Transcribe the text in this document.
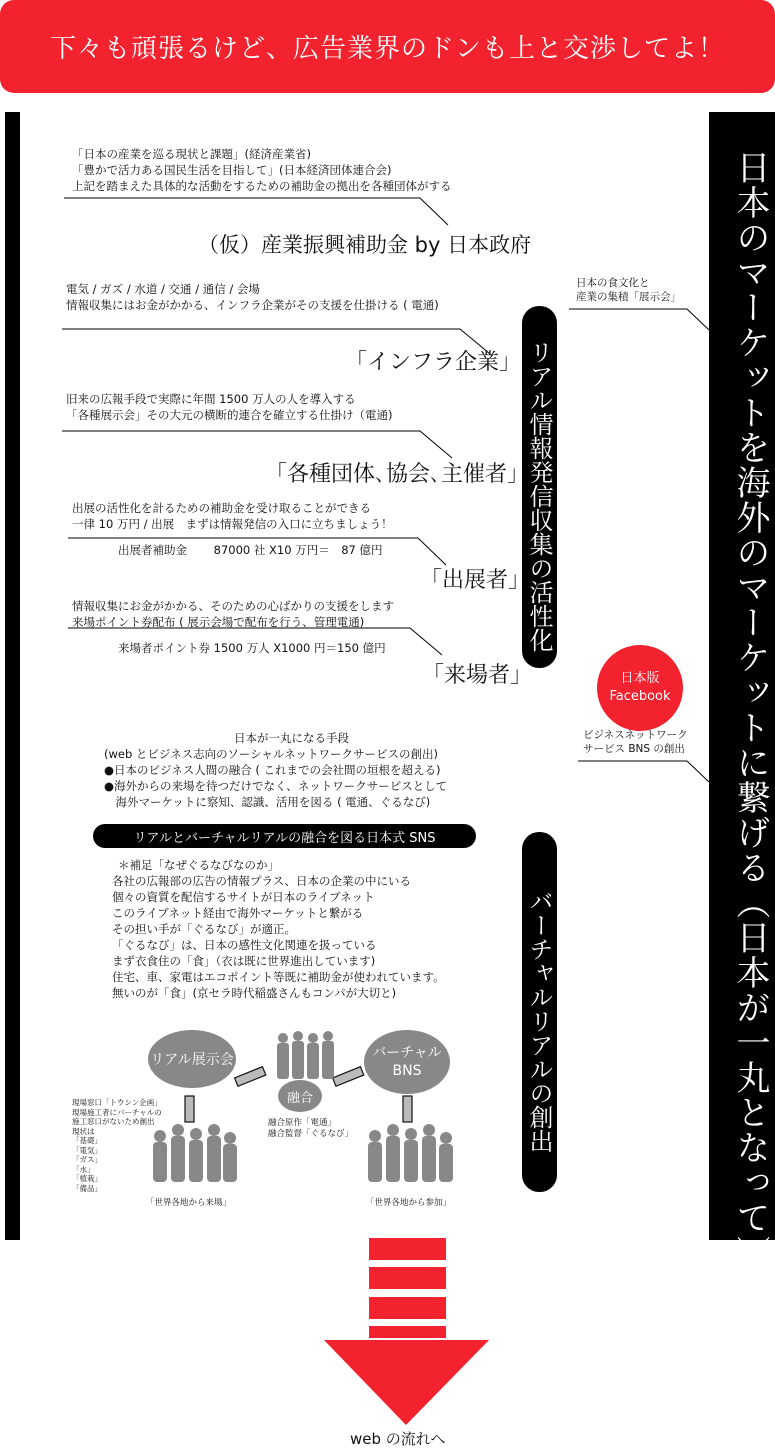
下々も頑張るけど、広告業界のドンも上と交渉してよ！
日本のマーケットを海外のマーケットに繋げる（日本が一丸となって）
リアル情報発信収集の活性化
バーチャルリアルの創出
日本の食文化と
産業の集積「展示会」
日本版
Facebook
ビジネスネットワーク
サービス BNS の創出
「日本の産業を巡る現状と課題」(経済産業省)
「豊かで活力ある国民生活を目指して」(日本経済団体連合会)
上記を踏まえた具体的な活動をするための補助金の拠出を各種団体がする
（仮）産業振興補助金 by 日本政府
電気 / ガズ / 水道 / 交通 / 通信 / 会場
情報収集にはお金がかかる、インフラ企業がその支援を仕掛ける ( 電通)
「インフラ企業」
旧来の広報手段で実際に年間 1500 万人の人を導入する
「各種展示会」その大元の横断的連合を確立する仕掛け（電通)
「各種団体､協会､主催者」
出展の活性化を計るための補助金を受け取ることができる
一律 10 万円 / 出展　まずは情報発信の入口に立ちましょう！
出展者補助金　　 87000 社 X10 万円＝　87 億円
「出展者」
情報収集にお金がかかる、そのための心ばかりの支援をします
来場ポイント券配布 ( 展示会場で配布を行う、管理電通)
来場者ポイント券 1500 万人 X1000 円＝150 億円
「来場者」
日本が一丸になる手段
(web とビジネス志向のソーシャルネットワークサービスの創出)
●日本のビジネス人間の融合 ( これまでの会社間の垣根を超える)
●海外からの来場を待つだけでなく、ネットワークサービスとして
　海外マーケットに察知、認識、活用を図る ( 電通、ぐるなび)
リアルとバーチャルリアルの融合を図る日本式 SNS
＊補足「なぜぐるなびなのか」
各社の広報部の広告の情報プラス、日本の企業の中にいる
個々の資質を配信するサイトが日本のライブネット
このライブネット経由で海外マーケットと繋がる
その担い手が「ぐるなび」が適正。
「ぐるなび」は、日本の感性文化関連を扱っている
まず衣食住の「食」（衣は既に世界進出しています)
住宅、車、家電はエコポイント等既に補助金が使われています。
無いのが「食」(京セラ時代稲盛さんもコンパが大切と)
リアル展示会	バーチャル
BNS
融合
融合原作「電通」
融合監督「ぐるなび」
現場窓口「トウシン企画」
現場施工者にバーチャルの
施工窓口がないため創出
現状は
「基礎」
「電気」
「ガス」
「水」
「植栽」
「備品」
「世界各地から来場」	「世界各地から参加」
web の流れへ
